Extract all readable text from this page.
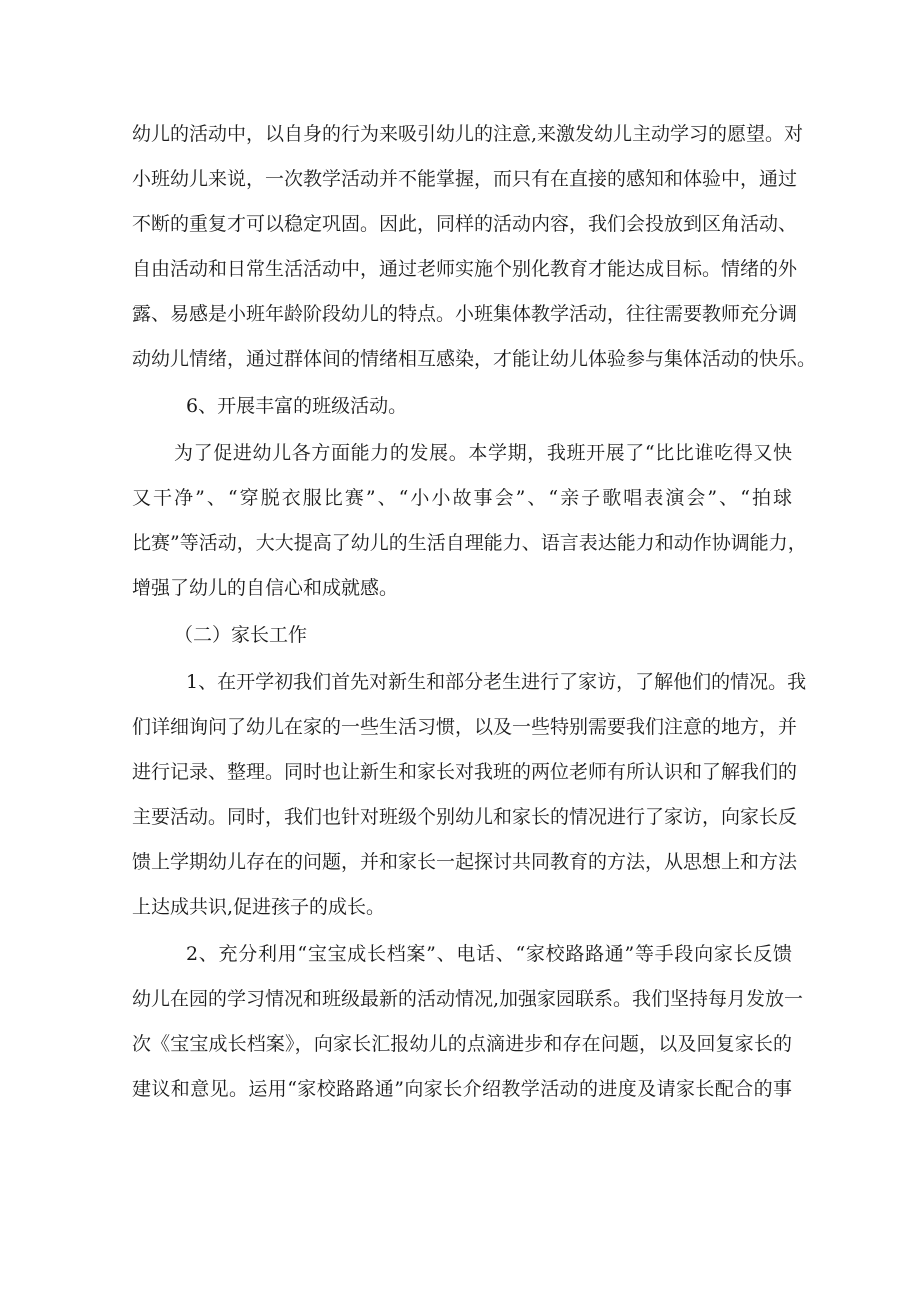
幼儿的活动中，以自身的行为来吸引幼儿的注意,来激发幼儿主动学习的愿望。对
小班幼儿来说，一次教学活动并不能掌握，而只有在直接的感知和体验中，通过
不断的重复才可以稳定巩固。因此，同样的活动内容，我们会投放到区角活动、
自由活动和日常生活活动中，通过老师实施个别化教育才能达成目标。情绪的外
露、易感是小班年龄阶段幼儿的特点。小班集体教学活动，往往需要教师充分调
动幼儿情绪，通过群体间的情绪相互感染，才能让幼儿体验参与集体活动的快乐。
6、开展丰富的班级活动。
为了促进幼儿各方面能力的发展。本学期，我班开展了“比比谁吃得又快
又干净”、“穿脱衣服比赛”、“小小故事会”、“亲子歌唱表演会”、“拍球
比赛”等活动，大大提高了幼儿的生活自理能力、语言表达能力和动作协调能力，
增强了幼儿的自信心和成就感。
（二）家长工作
1、在开学初我们首先对新生和部分老生进行了家访，了解他们的情况。我
们详细询问了幼儿在家的一些生活习惯，以及一些特别需要我们注意的地方，并
进行记录、整理。同时也让新生和家长对我班的两位老师有所认识和了解我们的
主要活动。同时，我们也针对班级个别幼儿和家长的情况进行了家访，向家长反
馈上学期幼儿存在的问题，并和家长一起探讨共同教育的方法，从思想上和方法
上达成共识,促进孩子的成长。
2、充分利用“宝宝成长档案”、电话、“家校路路通”等手段向家长反馈
幼儿在园的学习情况和班级最新的活动情况,加强家园联系。我们坚持每月发放一
次《宝宝成长档案》，向家长汇报幼儿的点滴进步和存在问题，以及回复家长的
建议和意见。运用“家校路路通”向家长介绍教学活动的进度及请家长配合的事
